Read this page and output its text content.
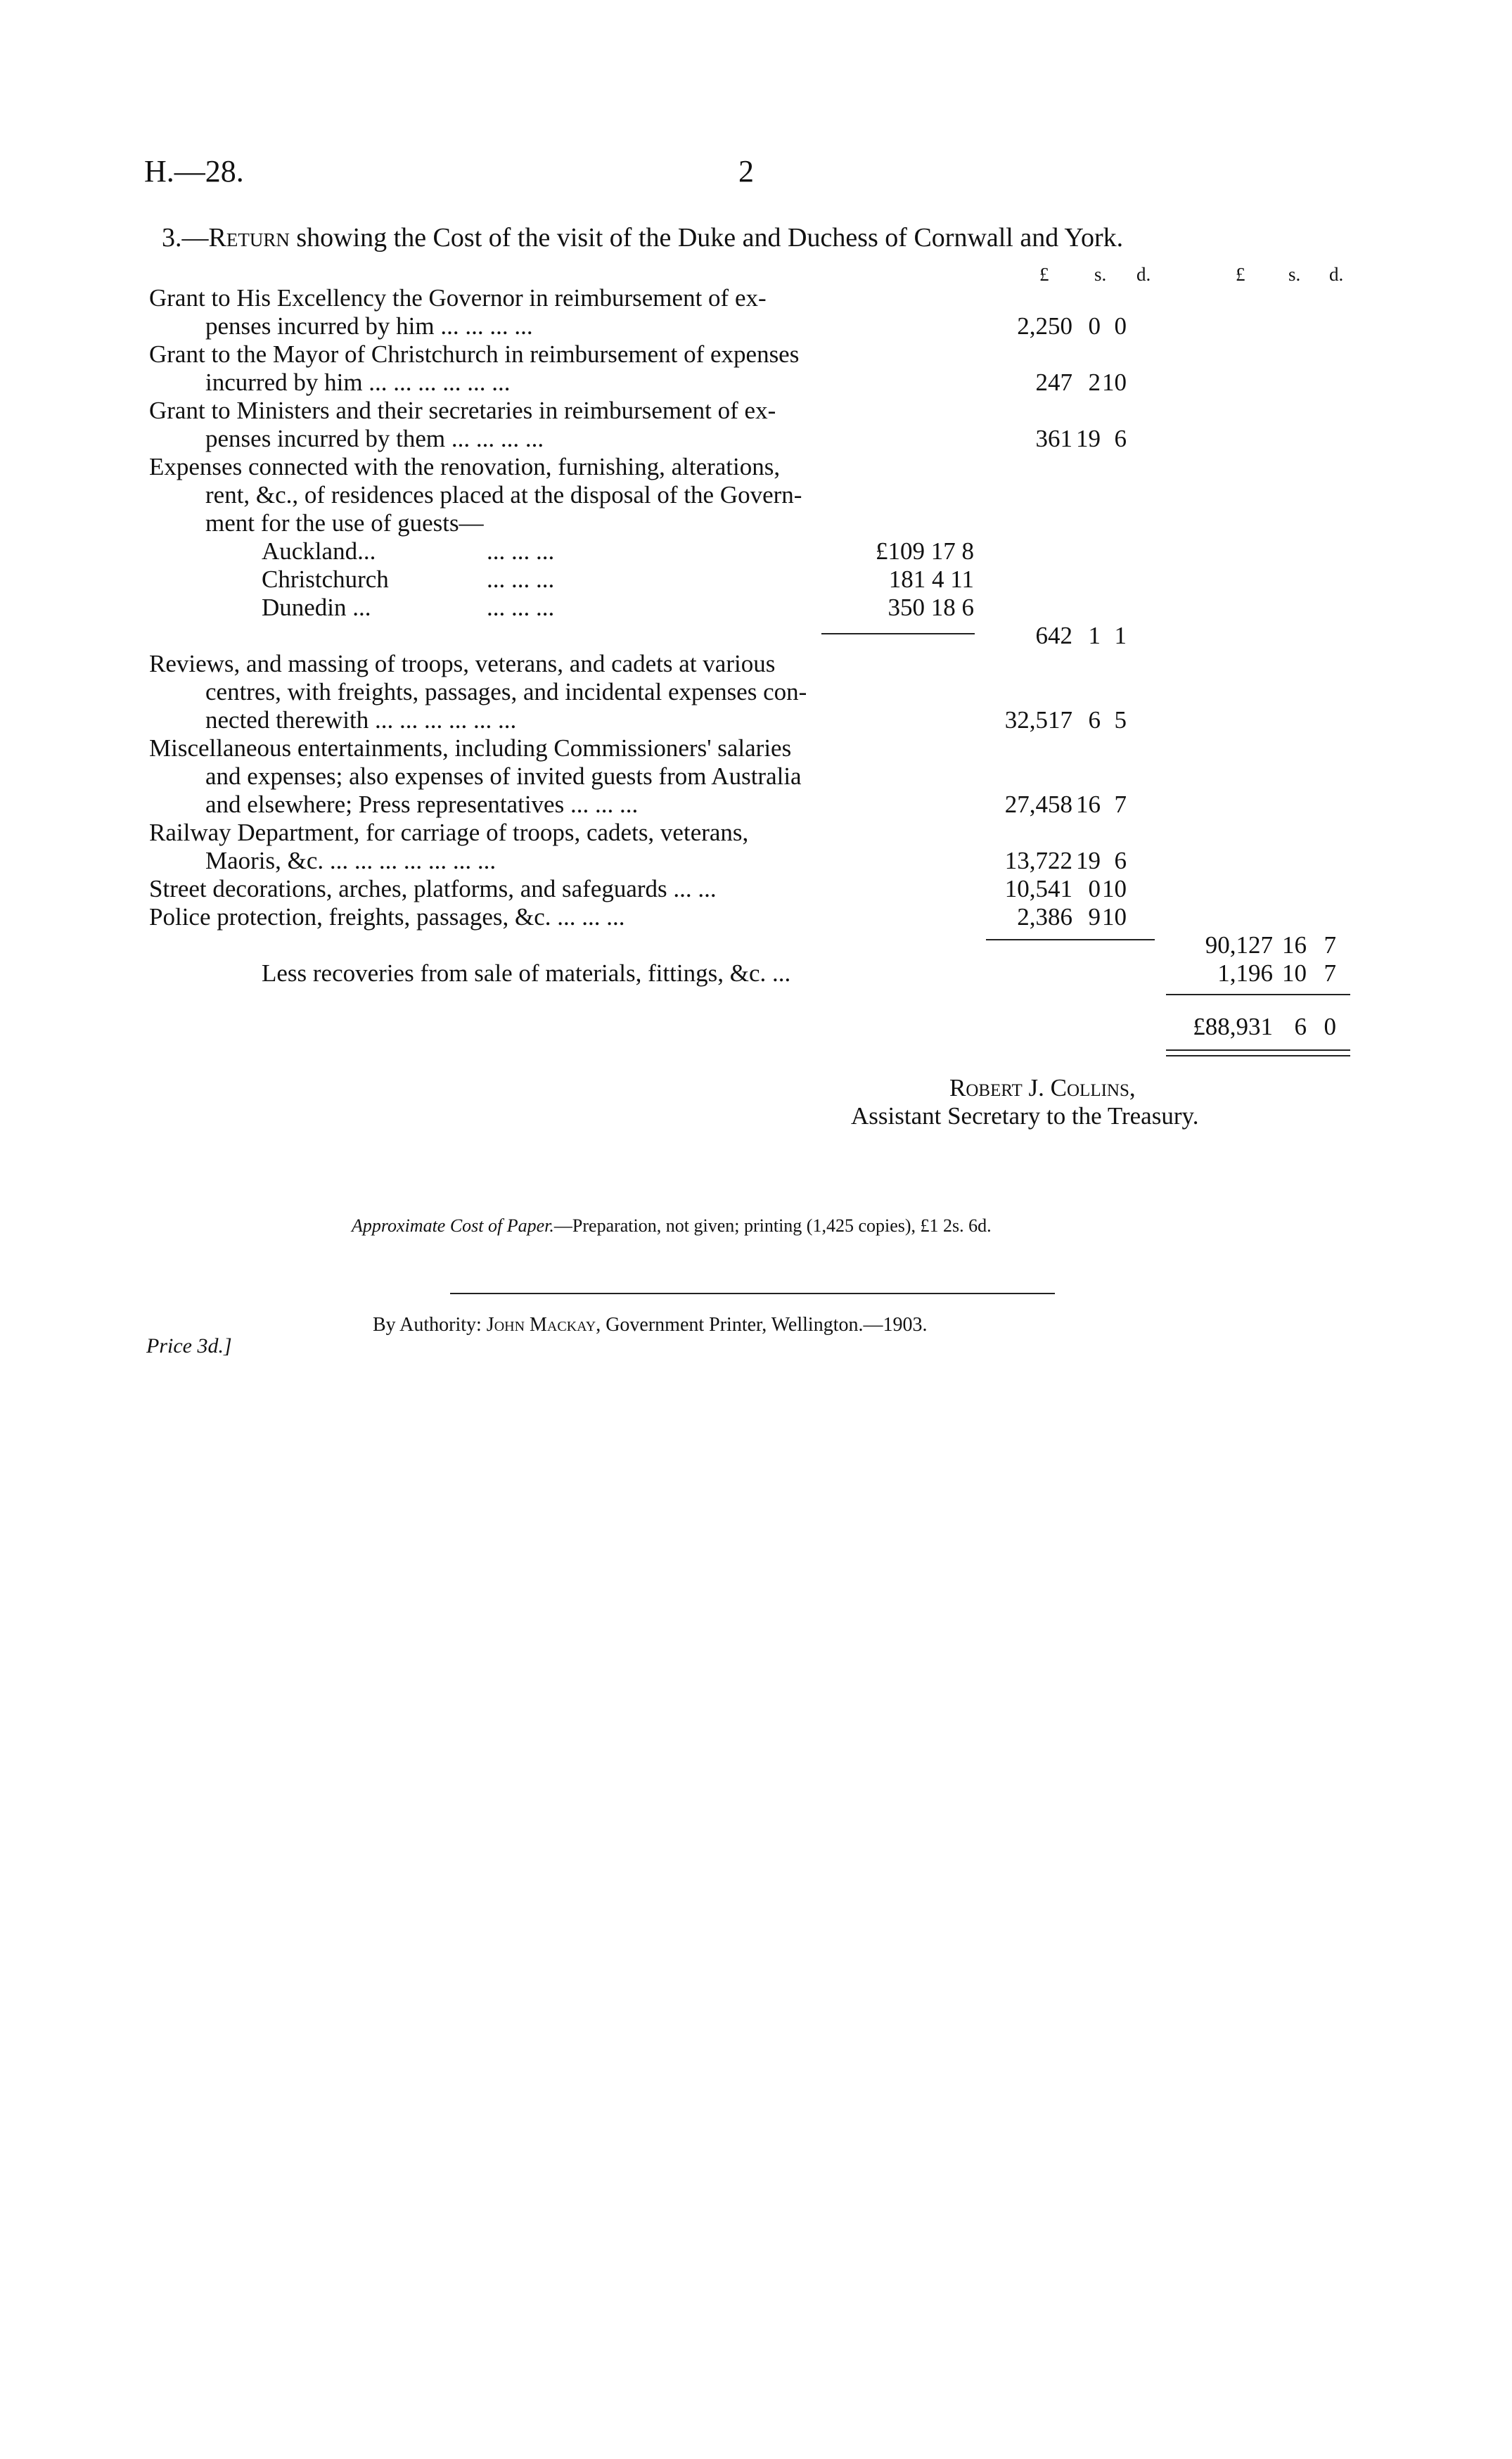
H.—28.	2
3.—Return showing the Cost of the visit of the Duke and Duchess of Cornwall and York.
£ s. d.	£ s. d.
Grant to His Excellency the Governor in reimbursement of ex-
penses incurred by him ... ... ... ...	2,250 0 0
Grant to the Mayor of Christchurch in reimbursement of expenses
incurred by him ... ... ... ... ... ...	247 2 10
Grant to Ministers and their secretaries in reimbursement of ex-
penses incurred by them ... ... ... ...	361 19 6
Expenses connected with the renovation, furnishing, alterations,
rent, &c., of residences placed at the disposal of the Govern-
ment for the use of guests—
Auckland...	... ... ...	£109 17 8
Christchurch	... ... ...	181 4 11
Dunedin ...	... ... ...	350 18 6
642 1 1
Reviews, and massing of troops, veterans, and cadets at various
centres, with freights, passages, and incidental expenses con-
nected therewith ... ... ... ... ... ...	32,517 6 5
Miscellaneous entertainments, including Commissioners' salaries
and expenses; also expenses of invited guests from Australia
and elsewhere; Press representatives ... ... ...	27,458 16 7
Railway Department, for carriage of troops, cadets, veterans,
Maoris, &c. ... ... ... ... ... ... ...	13,722 19 6
Street decorations, arches, platforms, and safeguards ... ...	10,541 0 10
Police protection, freights, passages, &c. ... ... ...	2,386 9 10
90,127 16 7
Less recoveries from sale of materials, fittings, &c. ...	1,196 10 7
£88,931 6 0
Robert J. Collins,
Assistant Secretary to the Treasury.
Approximate Cost of Paper.—Preparation, not given; printing (1,425 copies), £1 2s. 6d.
Price 3d.]
By Authority: John Mackay, Government Printer, Wellington.—1903.
